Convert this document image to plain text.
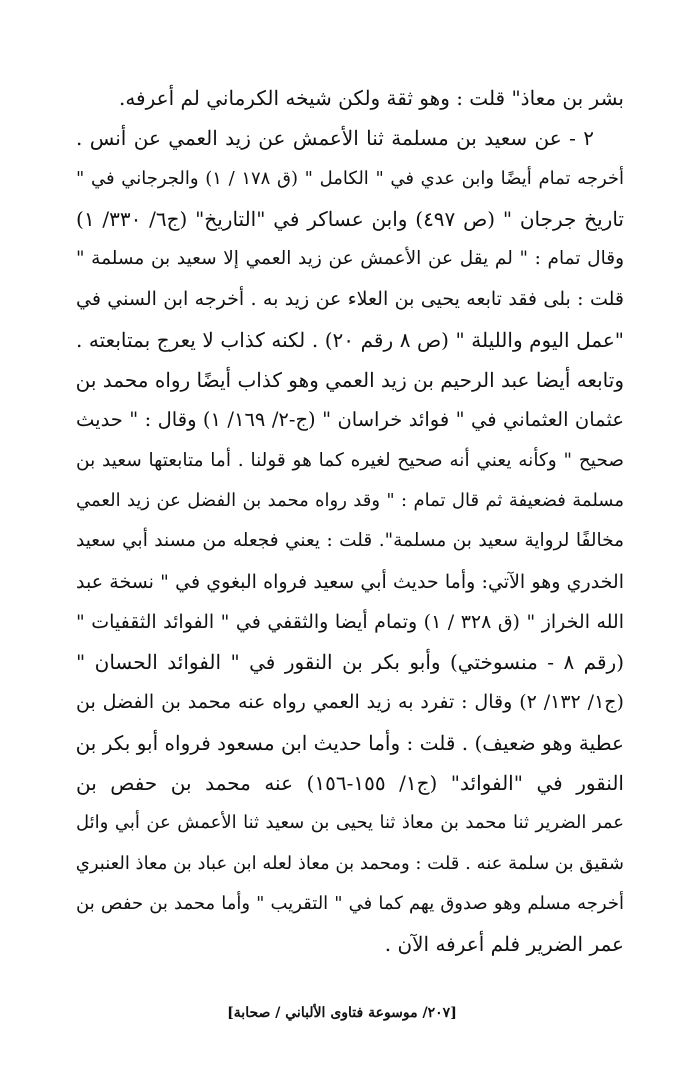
بشر بن معاذ" قلت : وهو ثقة ولكن شيخه الكرماني لم أعرفه.
٢ - عن سعيد بن مسلمة ثنا الأعمش عن زيد العمي عن أنس .
أخرجه تمام أيضًا وابن عدي في " الكامل " (ق ١٧٨ / ١) والجرجاني في "
تاريخ جرجان " (ص ٤٩٧) وابن عساكر في "التاريخ" (ج٦/ ٣٣٠/ ١)
وقال تمام : " لم يقل عن الأعمش عن زيد العمي إلا سعيد بن مسلمة "
قلت : بلى فقد تابعه يحيى بن العلاء عن زيد به . أخرجه ابن السني في
"عمل اليوم والليلة " (ص ٨ رقم ٢٠) . لكنه كذاب لا يعرج بمتابعته .
وتابعه أيضا عبد الرحيم بن زيد العمي وهو كذاب أيضًا رواه محمد بن
عثمان العثماني في " فوائد خراسان " (ج-٢/ ١٦٩/ ١) وقال : " حديث
صحيح " وكأنه يعني أنه صحيح لغيره كما هو قولنا . أما متابعتها سعيد بن
مسلمة فضعيفة ثم قال تمام : " وقد رواه محمد بن الفضل عن زيد العمي
مخالفًا لرواية سعيد بن مسلمة". قلت : يعني فجعله من مسند أبي سعيد
الخدري وهو الآتي: وأما حديث أبي سعيد فرواه البغوي في " نسخة عبد
الله الخراز " (ق ٣٢٨ / ١) وتمام أيضا والثقفي في " الفوائد الثقفيات "
(رقم ٨ - منسوختي) وأبو بكر بن النقور في " الفوائد الحسان "
(ج١/ ١٣٢/ ٢) وقال : تفرد به زيد العمي رواه عنه محمد بن الفضل بن
عطية وهو ضعيف) . قلت : وأما حديث ابن مسعود فرواه أبو بكر بن
النقور في "الفوائد" (ج١/ ١٥٥-١٥٦) عنه محمد بن حفص بن
عمر الضرير ثنا محمد بن معاذ ثنا يحيى بن سعيد ثنا الأعمش عن أبي وائل
شقيق بن سلمة عنه . قلت : ومحمد بن معاذ لعله ابن عباد بن معاذ العنبري
أخرجه مسلم وهو صدوق يهم كما في " التقريب " وأما محمد بن حفص بن
عمر الضرير فلم أعرفه الآن .
[٢٠٧/ موسوعة فتاوى الألباني / صحابة]
